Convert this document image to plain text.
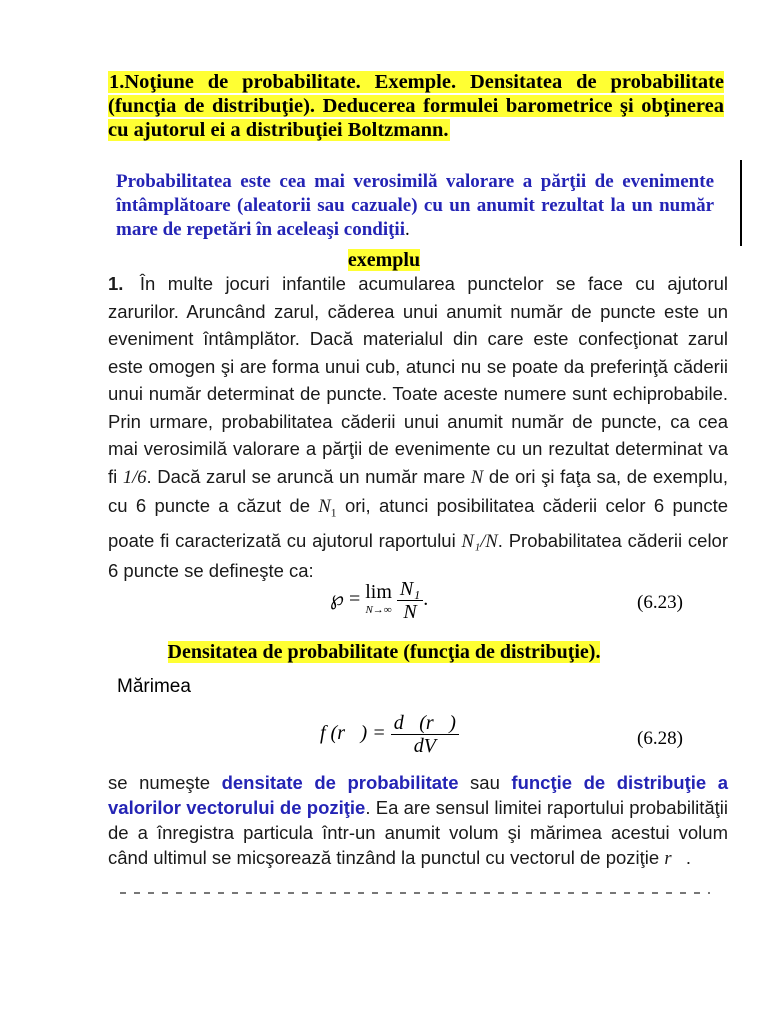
1.Noţiune de probabilitate. Exemple. Densitatea de probabilitate (funcţia de distribuţie). Deducerea formulei barometrice şi obţinerea cu ajutorul ei a distribuţiei Boltzmann.
Probabilitatea este cea mai verosimilă valorare a părţii de evenimente întâmplătoare (aleatorii sau cazuale) cu un anumit rezultat la un număr mare de repetări în aceleaşi condiţii.
exemplu
1. În multe jocuri infantile acumularea punctelor se face cu ajutorul zarurilor. Aruncând zarul, căderea unui anumit număr de puncte este un eveniment întâmplător. Dacă materialul din care este confecţionat zarul este omogen şi are forma unui cub, atunci nu se poate da preferinţă căderii unui număr determinat de puncte. Toate aceste numere sunt echiprobabile. Prin urmare, probabilitatea căderii unui anumit număr de puncte, ca cea mai verosimilă valorare a părţii de evenimente cu un rezultat determinat va fi 1/6. Dacă zarul se aruncă un număr mare N de ori şi faţa sa, de exemplu, cu 6 puncte a căzut de $N_1$ ori, atunci posibilitatea căderii celor 6 puncte poate fi caracterizată cu ajutorul raportului N₁/N. Probabilitatea căderii celor 6 puncte se defineşte ca:
℘ = lim
N→∞
$\frac{\text{N₁}}{N}$ .	(6.23)
Densitatea de probabilitate (funcţia de distribuţie).
Mărimea
f (r⃗) = $\frac{d℘(r⃗)}{dV}$	(6.28)
se numeşte densitate de probabilitate sau funcţie de distribuţie a valorilor vectorului de poziţie. Ea are sensul limitei raportului probabilităţii de a înregistra particula într-un anumit volum şi mărimea acestui volum când ultimul se micşorează tinzând la punctul cu vectorul de poziţie r⃗.
